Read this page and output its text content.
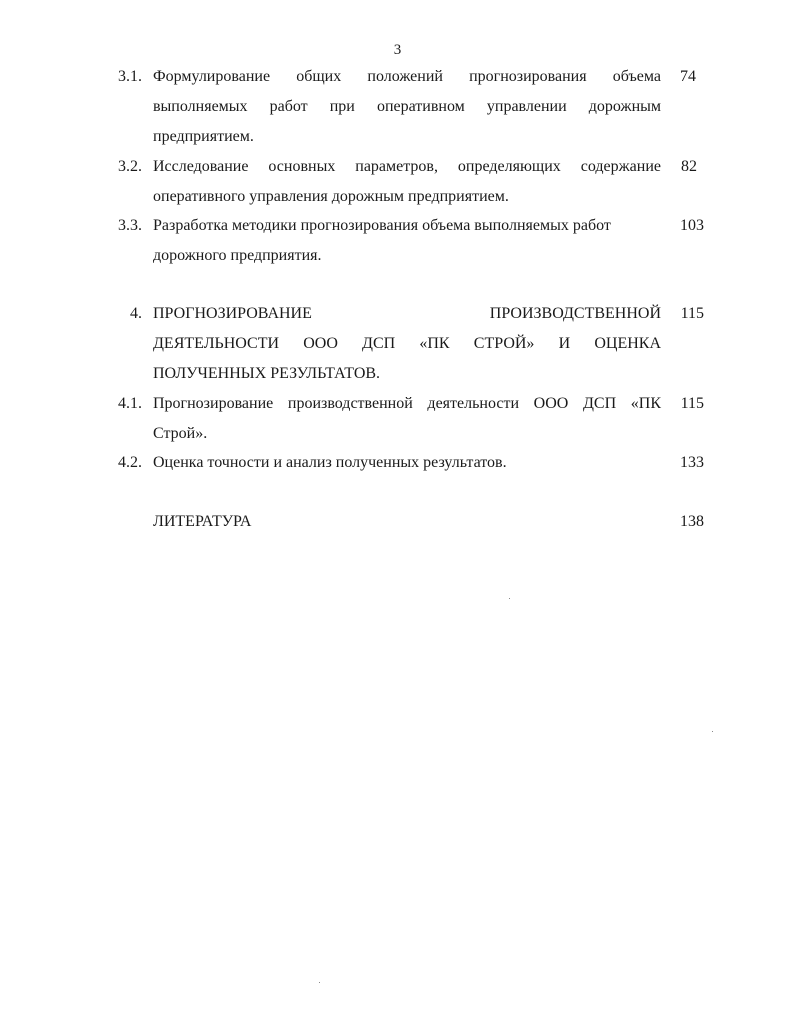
3
3.1. Формулирование общих положений прогнозирования объема
выполняемых работ при оперативном управлении дорожным
предприятием.
74
3.2. Исследование основных параметров, определяющих содержание
оперативного управления дорожным предприятием.
82
3.3. Разработка методики прогнозирования объема выполняемых работ
дорожного предприятия.
103
4. ПРОГНОЗИРОВАНИЕ ПРОИЗВОДСТВЕННОЙ
ДЕЯТЕЛЬНОСТИ ООО ДСП «ПК СТРОЙ» И ОЦЕНКА
ПОЛУЧЕННЫХ РЕЗУЛЬТАТОВ.
115
4.1. Прогнозирование производственной деятельности ООО ДСП «ПК
Строй».
115
4.2. Оценка точности и анализ полученных результатов.	133
ЛИТЕРАТУРА	138
